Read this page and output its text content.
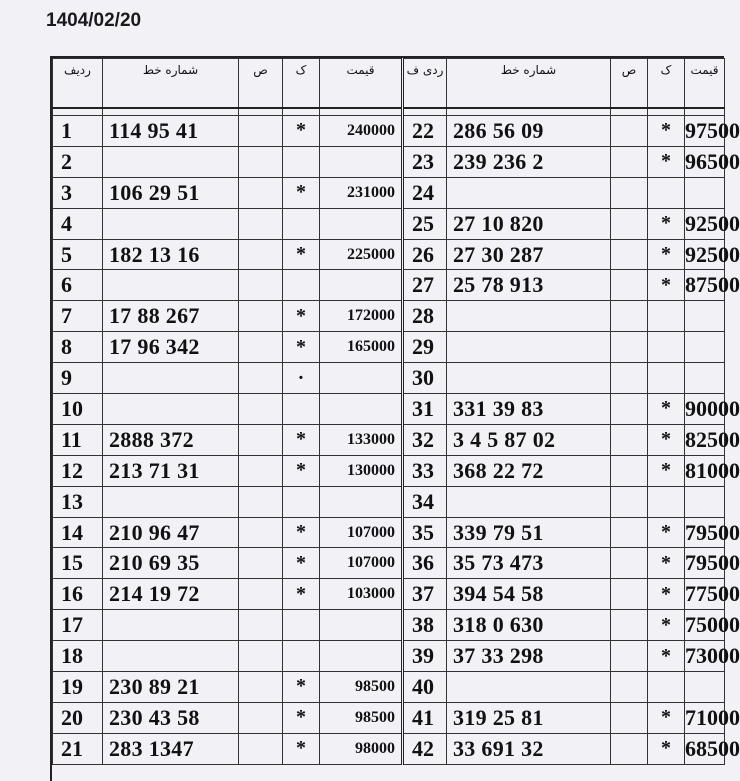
1404/02/20
ردیف	شماره خط	ص	ک	قیمت	ردی ف	شماره خط	ص	ک	قیمت

1	114 95 41		*	240000	22	286 56 09		*	97500
2					23	239 236 2		*	96500
3	106 29 51		*	231000	24				
4					25	27 10 820		*	92500
5	182 13 16		*	225000	26	27 30 287		*	92500
6					27	25 78 913		*	87500
7	17 88 267		*	172000	28				
8	17 96 342		*	165000	29				
9			·		30				
10					31	331 39 83		*	90000
11	2888 372		*	133000	32	3 4 5 87 02		*	82500
12	213 71 31		*	130000	33	368 22 72		*	81000
13					34				
14	210 96 47		*	107000	35	339 79 51		*	79500
15	210 69 35		*	107000	36	35 73 473		*	79500
16	214 19 72		*	103000	37	394 54 58		*	77500
17					38	318 0 630		*	75000
18					39	37 33 298		*	73000
19	230 89 21		*	98500	40				
20	230 43 58		*	98500	41	319 25 81		*	71000
21	283 1347		*	98000	42	33 691 32		*	68500
